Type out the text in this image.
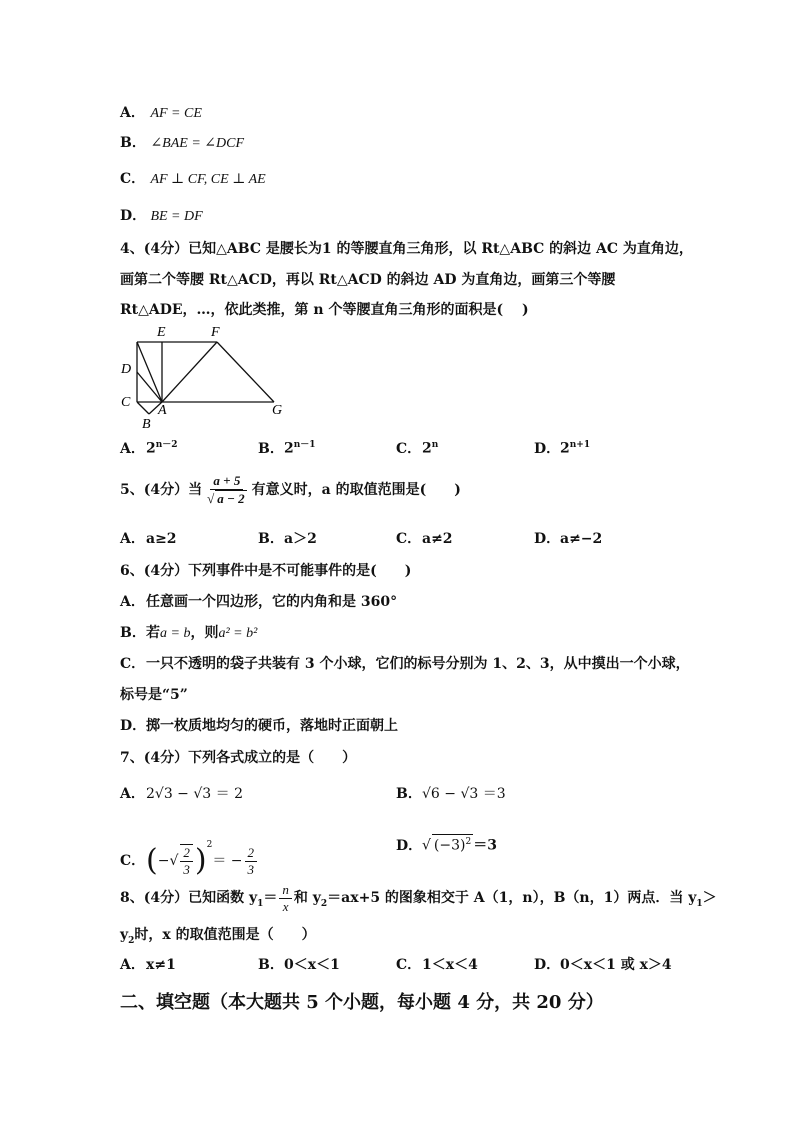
A． AF = CE
B． ∠BAE = ∠DCF
C． AF ⊥ CF, CE ⊥ AE
D． BE = DF
4、(4分）已知△ABC 是腰长为1 的等腰直角三角形，以 Rt△ABC 的斜边 AC 为直角边，
画第二个等腰 Rt△ACD，再以 Rt△ACD 的斜边 AD 为直角边，画第三个等腰
Rt△ADE，…，依此类推，第 n 个等腰直角三角形的面积是(　 )
D
E	F
C
A
B
G
A．$2^{n-2}$	B．$2^{n-1}$	C．2$^n$	D．$2^{n+1}$
5、(4分）当 $\frac{a + 5}{√ a - 2}$ 有意义时，a 的取值范围是(　　)
A．a≥2	B．a＞2	C．a≠2	D．a≠−2
6、(4分）下列事件中是不可能事件的是(　　)
A．任意画一个四边形，它的内角和是 360°
B．若a = b，则a² = b²
C．一只不透明的袋子共装有 3 个小球，它们的标号分别为 1、2、3，从中摸出一个小球，
标号是“5”
D．掷一枚质地均匀的硬币，落地时正面朝上
7、(4分）下列各式成立的是（　　）
A．2√3 − √3 ＝ 2	B．√6 − √3 ＝3
C．(−√ $\frac{2}{3} )^2= - \frac{2}{3}$	D．√ $(-3)^2 =3$
8、(4分）已知函数 $y_1= \frac{n}{x}$ 和 $y_2=ax+5$ 的图象相交于 A（1，n），B（n，1）两点．当 $y_1>$
$y_2$时，x 的取值范围是（　　）
A．x≠1	B．0＜x＜1	C．1＜x＜4	D．0＜x＜1 或 x＞4
二、填空题（本大题共 5 个小题，每小题 4 分，共 20 分）
